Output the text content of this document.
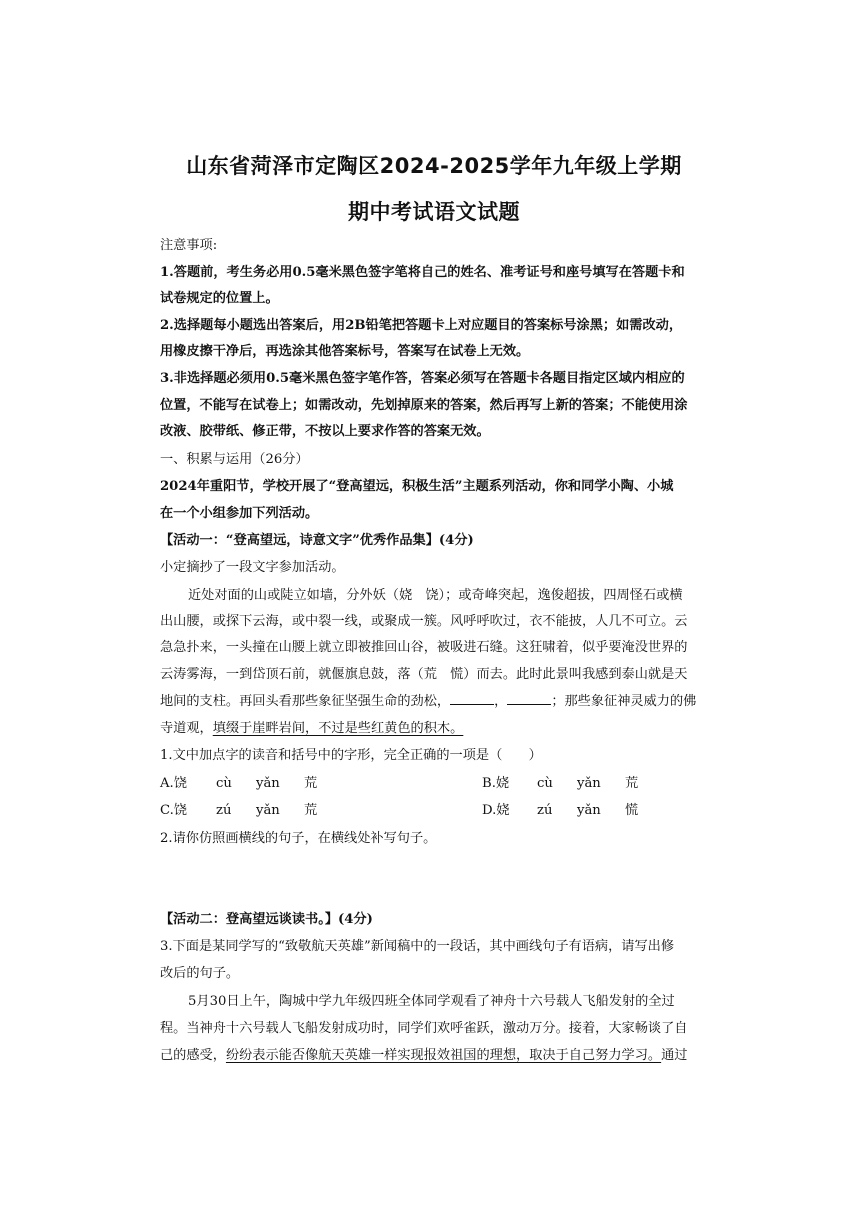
山东省菏泽市定陶区2024-2025学年九年级上学期
期中考试语文试题
注意事项:
1.答题前，考生务必用0.5毫米黑色签字笔将自己的姓名、准考证号和座号填写在答题卡和
试卷规定的位置上。
2.选择题每小题选出答案后，用2B铅笔把答题卡上对应题目的答案标号涂黑；如需改动，
用橡皮擦干净后，再选涂其他答案标号，答案写在试卷上无效。
3.非选择题必须用0.5毫米黑色签字笔作答，答案必须写在答题卡各题目指定区域内相应的
位置，不能写在试卷上；如需改动，先划掉原来的答案，然后再写上新的答案；不能使用涂
改液、胶带纸、修正带，不按以上要求作答的答案无效。
一、积累与运用（26分）
2024年重阳节，学校开展了“登高望远，积极生活”主题系列活动，你和同学小陶、小城
在一个小组参加下列活动。
【活动一：“登高望远，诗意文字”优秀作品集】(4分)
小定摘抄了一段文字参加活动。
近处对面的山或陡立如墙，分外妖（娆　饶）；或奇峰突起，逸俊超拔，四周怪石或横
出山腰，或探下云海，或中裂一线，或聚成一簇。风呼呼吹过，衣不能披，人几不可立。云
急急扑来，一头撞在山腰上就立即被推回山谷，被吸进石缝。这狂啸着，似乎要淹没世界的
云涛雾海，一到岱顶石前，就偃旗息鼓，落（荒　慌）而去。此时此景叫我感到泰山就是天
地间的支柱。再回头看那些象征坚强生命的劲松，	，	；那些象征神灵威力的佛
寺道观，填缀于崖畔岩间，不过是些红黄色的积木。
1.文中加点字的读音和括号中的字形，完全正确的一项是（　　）
A.饶 cù yǎn 荒	B.娆 cù yǎn 荒
C.饶 zú yǎn 荒	D.娆 zú yǎn 慌
2.请你仿照画横线的句子，在横线处补写句子。
【活动二：登高望远谈读书。】(4分)
3.下面是某同学写的“致敬航天英雄”新闻稿中的一段话，其中画线句子有语病，请写出修
改后的句子。
5月30日上午，陶城中学九年级四班全体同学观看了神舟十六号载人飞船发射的全过
程。当神舟十六号载人飞船发射成功时，同学们欢呼雀跃，激动万分。接着，大家畅谈了自
己的感受，纷纷表示能否像航天英雄一样实现报效祖国的理想，取决于自己努力学习。通过
